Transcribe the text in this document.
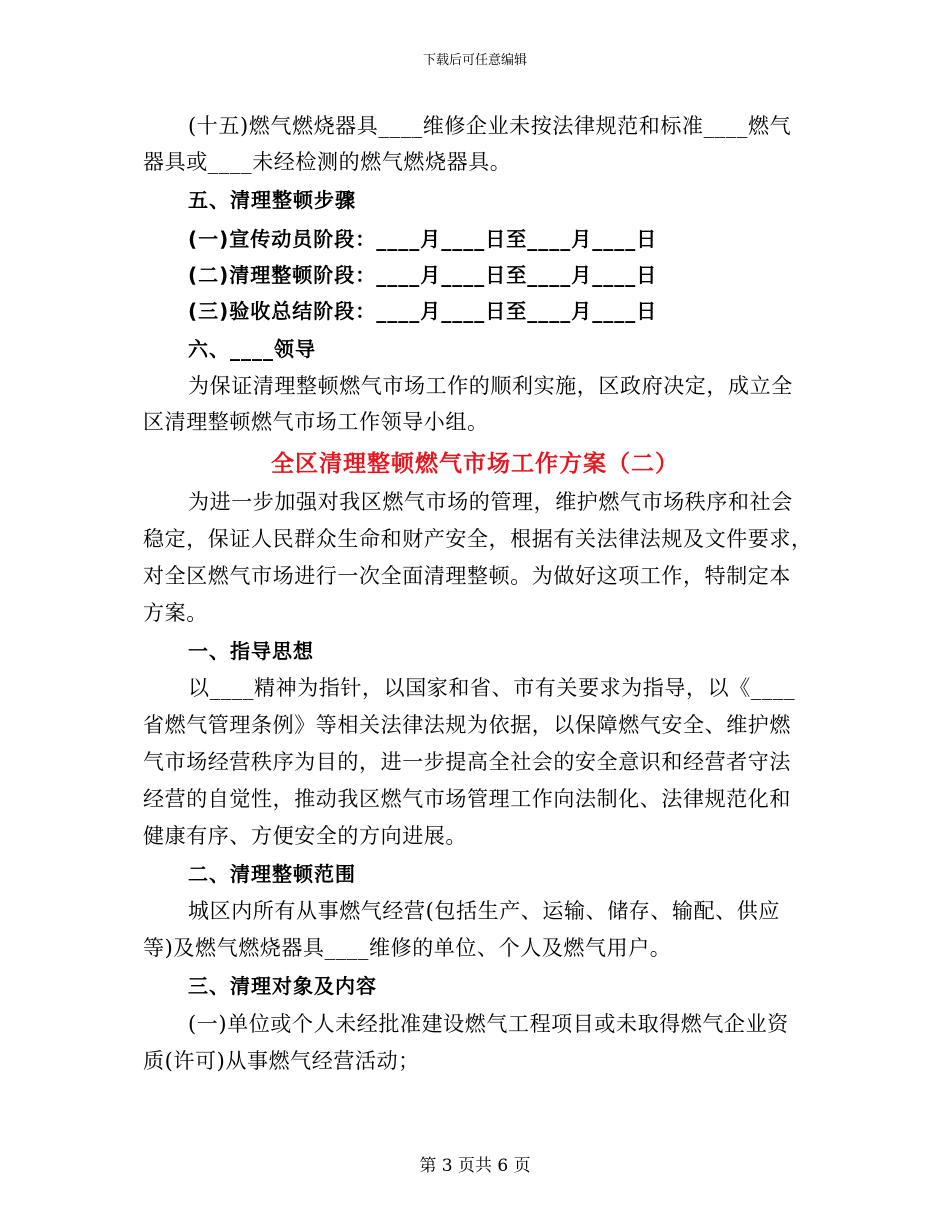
下载后可任意编辑
(十五)燃气燃烧器具____维修企业未按法律规范和标准____燃气
器具或____未经检测的燃气燃烧器具。
五、清理整顿步骤
(一)宣传动员阶段：____月____日至____月____日
(二)清理整顿阶段：____月____日至____月____日
(三)验收总结阶段：____月____日至____月____日
六、____领导
为保证清理整顿燃气市场工作的顺利实施，区政府决定，成立全
区清理整顿燃气市场工作领导小组。
全区清理整顿燃气市场工作方案（二）
为进一步加强对我区燃气市场的管理，维护燃气市场秩序和社会
稳定，保证人民群众生命和财产安全，根据有关法律法规及文件要求，
对全区燃气市场进行一次全面清理整顿。为做好这项工作，特制定本
方案。
一、指导思想
以____精神为指针，以国家和省、市有关要求为指导，以《____
省燃气管理条例》等相关法律法规为依据，以保障燃气安全、维护燃
气市场经营秩序为目的，进一步提高全社会的安全意识和经营者守法
经营的自觉性，推动我区燃气市场管理工作向法制化、法律规范化和
健康有序、方便安全的方向进展。
二、清理整顿范围
城区内所有从事燃气经营(包括生产、运输、储存、输配、供应
等)及燃气燃烧器具____维修的单位、个人及燃气用户。
三、清理对象及内容
(一)单位或个人未经批准建设燃气工程项目或未取得燃气企业资
质(许可)从事燃气经营活动；
第 3 页共 6 页
